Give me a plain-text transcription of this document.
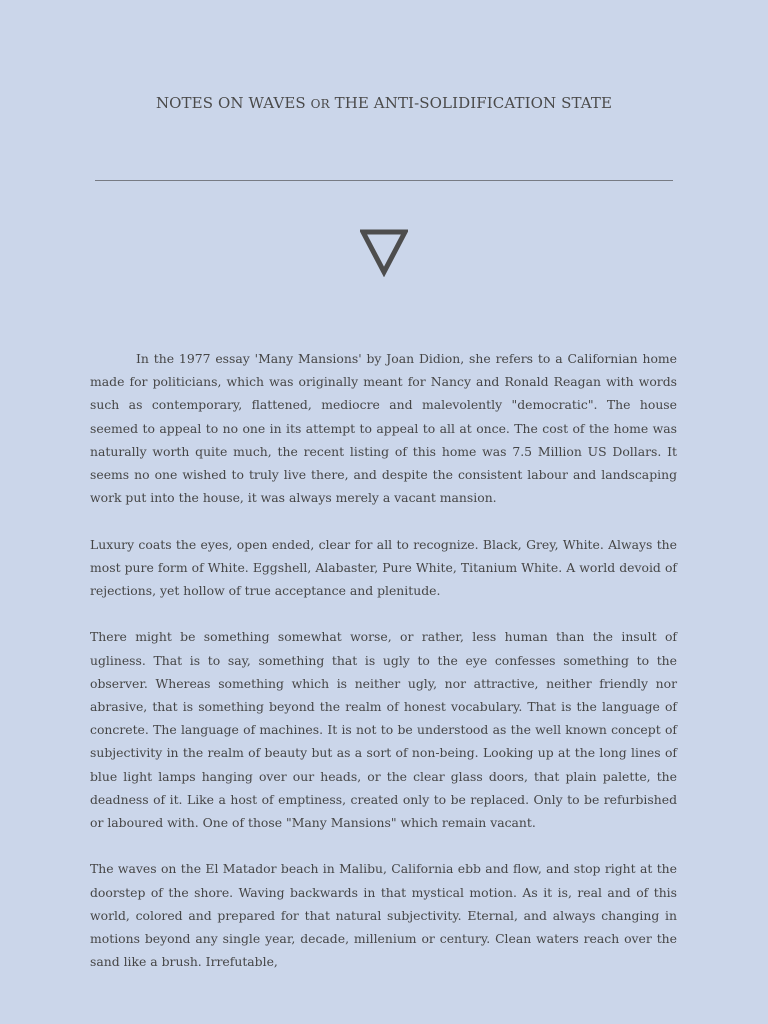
NOTES ON WAVES OR THE ANTI-SOLIDIFICATION STATE

In the 1977 essay 'Many Mansions' by Joan Didion, she refers to a Californian home made for politicians, which was originally meant for Nancy and Ronald Reagan with words such as contemporary, flattened, mediocre and malevolently "democratic". The house seemed to appeal to no one in its attempt to appeal to all at once. The cost of the home was naturally worth quite much, the recent listing of this home was 7.5 Million US Dollars. It seems no one wished to truly live there, and despite the consistent labour and landscaping work put into the house, it was always merely a vacant mansion.

Luxury coats the eyes, open ended, clear for all to recognize. Black, Grey, White. Always the most pure form of White. Eggshell, Alabaster, Pure White, Titanium White. A world devoid of rejections, yet hollow of true acceptance and plenitude.

There might be something somewhat worse, or rather, less human than the insult of ugliness. That is to say, something that is ugly to the eye confesses something to the observer. Whereas something which is neither ugly, nor attractive, neither friendly nor abrasive, that is something beyond the realm of honest vocabulary. That is the language of concrete. The language of machines. It is not to be understood as the well known concept of subjectivity in the realm of beauty but as a sort of non-being. Looking up at the long lines of blue light lamps hanging over our heads, or the clear glass doors, that plain palette, the deadness of it. Like a host of emptiness, created only to be replaced. Only to be refurbished or laboured with. One of those "Many Mansions" which remain vacant.

The waves on the El Matador beach in Malibu, California ebb and flow, and stop right at the doorstep of the shore. Waving backwards in that mystical motion. As it is, real and of this world, colored and prepared for that natural subjectivity. Eternal, and always changing in motions beyond any single year, decade, millenium or century. Clean waters reach over the sand like a brush. Irrefutable,
